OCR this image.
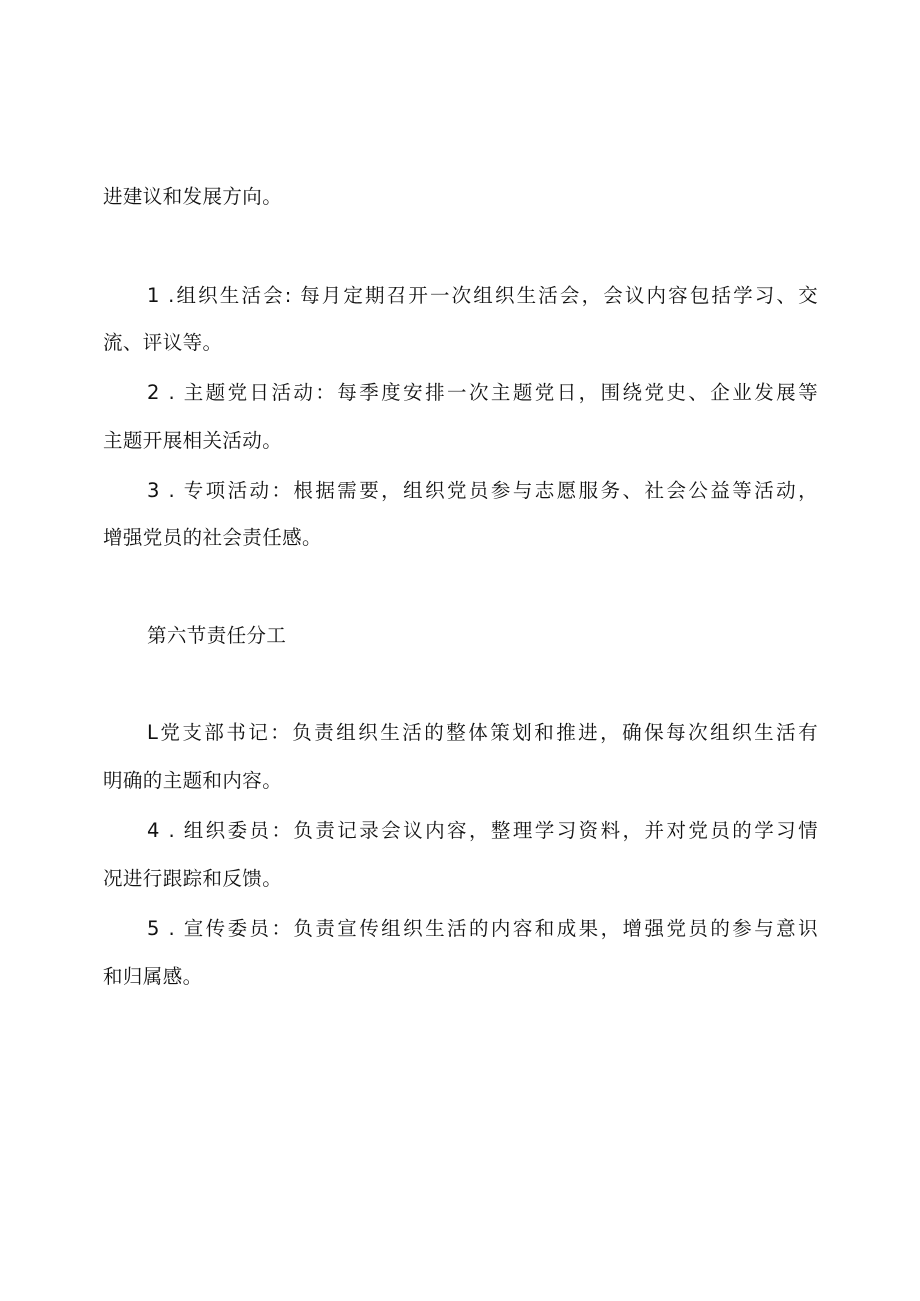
进建议和发展方向。
1 .组织生活会: 每月定期召开一次组织生活会，会议内容包括学习、交
流、评议等。
2 . 主题党日活动：每季度安排一次主题党日，围绕党史、企业发展等
主题开展相关活动。
3 . 专项活动：根据需要，组织党员参与志愿服务、社会公益等活动，
增强党员的社会责任感。
第六节责任分工
L党支部书记：负责组织生活的整体策划和推进，确保每次组织生活有
明确的主题和内容。
4 . 组织委员：负责记录会议内容，整理学习资料，并对党员的学习情
况进行跟踪和反馈。
5 . 宣传委员：负责宣传组织生活的内容和成果，增强党员的参与意识
和归属感。
